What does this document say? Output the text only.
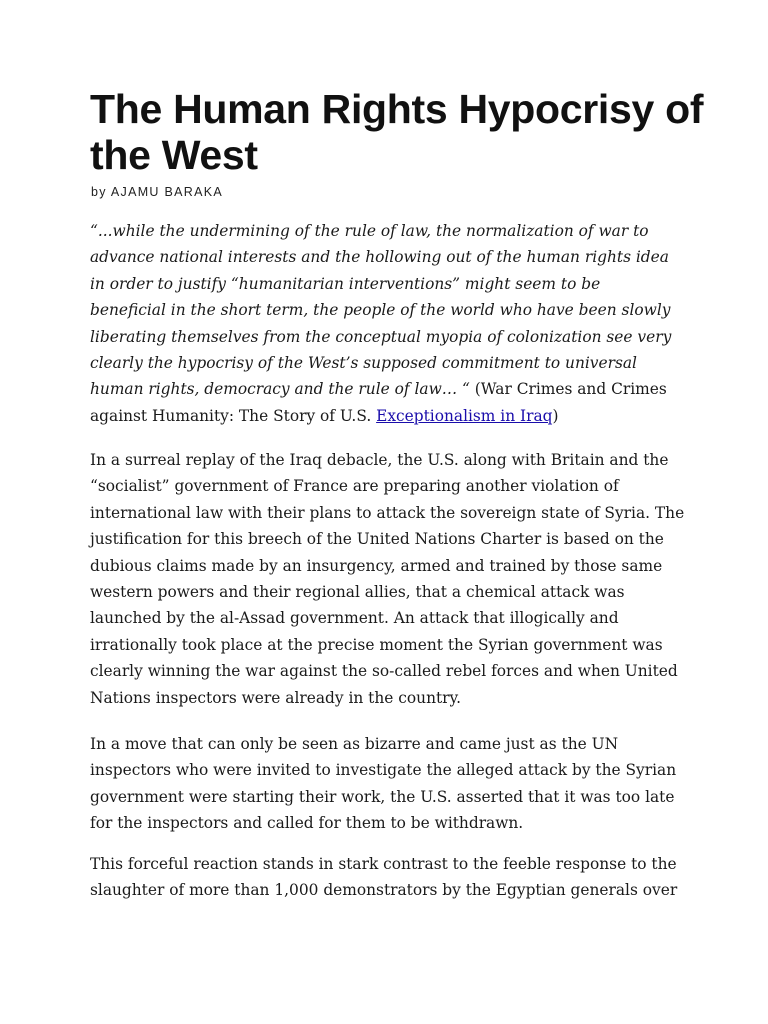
The Human Rights Hypocrisy of the West
by AJAMU BARAKA
“...while the undermining of the rule of law, the normalization of war to
advance national interests and the hollowing out of the human rights idea
in order to justify “humanitarian interventions” might seem to be
beneficial in the short term, the people of the world who have been slowly
liberating themselves from the conceptual myopia of colonization see very
clearly the hypocrisy of the West’s supposed commitment to universal
human rights, democracy and the rule of law… “ (War Crimes and Crimes
against Humanity: The Story of U.S. Exceptionalism in Iraq)
In a surreal replay of the Iraq debacle, the U.S. along with Britain and the
“socialist” government of France are preparing another violation of
international law with their plans to attack the sovereign state of Syria. The
justification for this breech of the United Nations Charter is based on the
dubious claims made by an insurgency, armed and trained by those same
western powers and their regional allies, that a chemical attack was
launched by the al-Assad government. An attack that illogically and
irrationally took place at the precise moment the Syrian government was
clearly winning the war against the so-called rebel forces and when United
Nations inspectors were already in the country.
In a move that can only be seen as bizarre and came just as the UN
inspectors who were invited to investigate the alleged attack by the Syrian
government were starting their work, the U.S. asserted that it was too late
for the inspectors and called for them to be withdrawn.
This forceful reaction stands in stark contrast to the feeble response to the
slaughter of more than 1,000 demonstrators by the Egyptian generals over
